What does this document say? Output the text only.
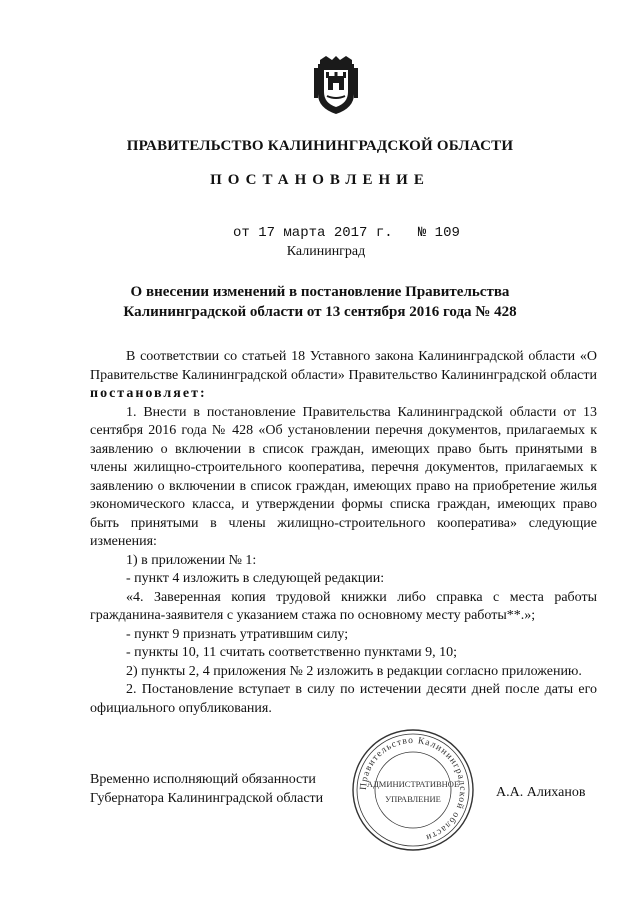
ПРАВИТЕЛЬСТВО КАЛИНИНГРАДСКОЙ ОБЛАСТИ
ПОСТАНОВЛЕНИЕ
от 17 марта 2017 г. № 109
Калининград
О внесении изменений в постановление Правительства
Калининградской области от 13 сентября 2016 года № 428

В соответствии со статьей 18 Уставного закона Калининградской области «О Правительстве Калининградской области» Правительство Калининградской области постановляет:

1. Внести в постановление Правительства Калининградской области от 13 сентября 2016 года № 428 «Об установлении перечня документов, прилагаемых к заявлению о включении в список граждан, имеющих право быть принятыми в члены жилищно-строительного кооператива, перечня документов, прилагаемых к заявлению о включении в список граждан, имеющих право на приобретение жилья экономического класса, и утверждении формы списка граждан, имеющих право быть принятыми в члены жилищно-строительного кооператива» следующие изменения:

1) в приложении № 1:

- пункт 4 изложить в следующей редакции:

«4. Заверенная копия трудовой книжки либо справка с места работы гражданина-заявителя с указанием стажа по основному месту работы**.»;

- пункт 9 признать утратившим силу;

- пункты 10, 11 считать соответственно пунктами 9, 10;

2) пункты 2, 4 приложения № 2 изложить в редакции согласно приложению.

2. Постановление вступает в силу по истечении десяти дней после даты его официального опубликования.

Временно исполняющий обязанности
Губернатора Калининградской области
Правительство Калининградской области
АДМИНИСТРАТИВНОЕ
УПРАВЛЕНИЕ	А.А. Алиханов
